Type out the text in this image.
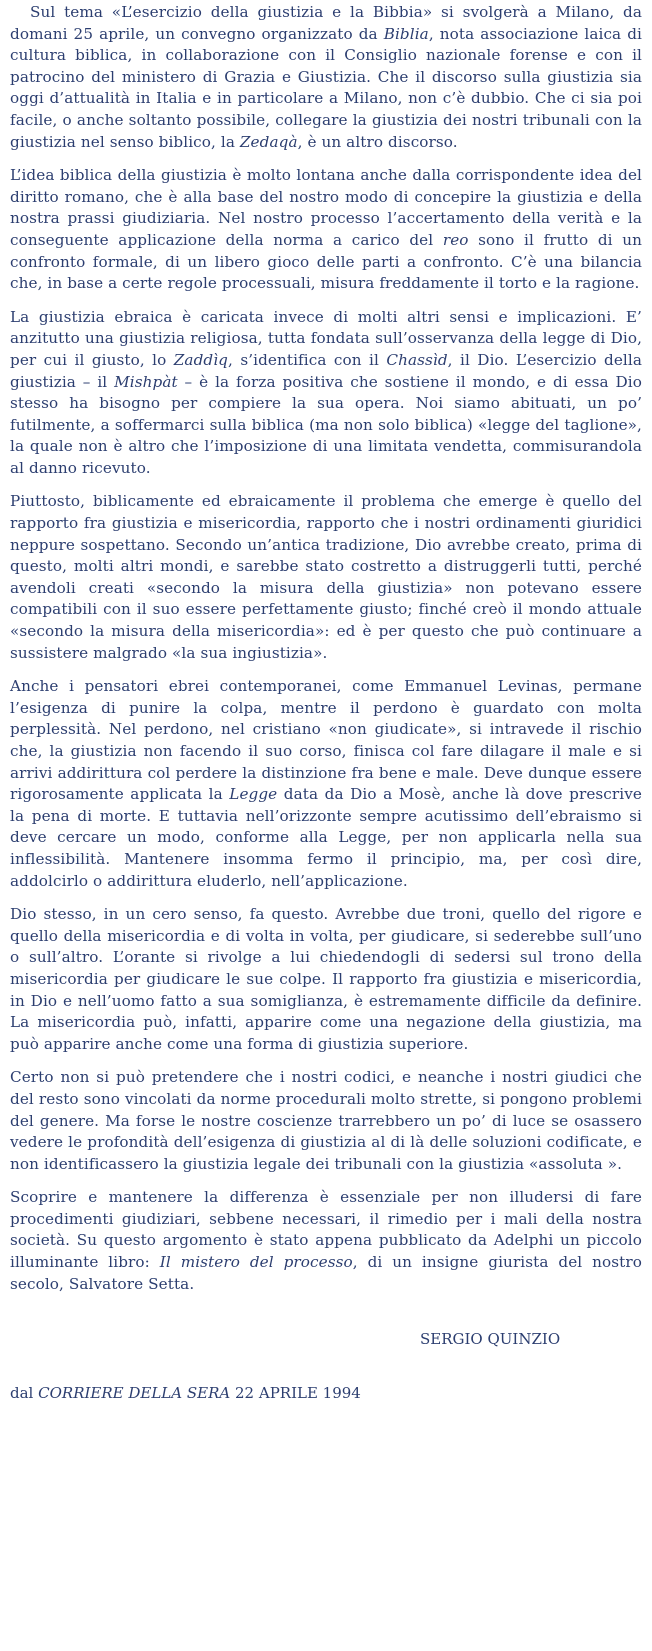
Sul tema «L’esercizio della giustizia e la Bibbia» si svolgerà a Milano, da domani 25 aprile, un convegno organizzato da Biblia, nota associazione laica di cultura biblica, in collaborazione con il Consiglio nazionale forense e con il patrocino del ministero di Grazia e Giustizia. Che il discorso sulla giustizia sia oggi d’attualità in Italia e in particolare a Milano, non c’è dubbio. Che ci sia poi facile, o anche soltanto possibile, collegare la giustizia dei nostri tribunali con la giustizia nel senso biblico, la Zedaqà, è un altro discorso.

L’idea biblica della giustizia è molto lontana anche dalla corrispondente idea del diritto romano, che è alla base del nostro modo di concepire la giustizia e della nostra prassi giudiziaria. Nel nostro processo l’accertamento della verità e la conseguente applicazione della norma a carico del reo sono il frutto di un confronto formale, di un libero gioco delle parti a confronto. C’è una bilancia che, in base a certe regole processuali, misura freddamente il torto e la ragione.

La giustizia ebraica è caricata invece di molti altri sensi e implicazioni. E’ anzitutto una giustizia religiosa, tutta fondata sull’osservanza della legge di Dio, per cui il giusto, lo Zaddìq, s’identifica con il Chassìd, il Dio. L’esercizio della giustizia – il Mishpàt – è la forza positiva che sostiene il mondo, e di essa Dio stesso ha bisogno per compiere la sua opera. Noi siamo abituati, un po’ futilmente, a soffermarci sulla biblica (ma non solo biblica) «legge del taglione», la quale non è altro che l’imposizione di una limitata vendetta, commisurandola al danno ricevuto.

Piuttosto, biblicamente ed ebraicamente il problema che emerge è quello del rapporto fra giustizia e misericordia, rapporto che i nostri ordinamenti giuridici neppure sospettano. Secondo un’antica tradizione, Dio avrebbe creato, prima di questo, molti altri mondi, e sarebbe stato costretto a distruggerli tutti, perché avendoli creati «secondo la misura della giustizia» non potevano essere compatibili con il suo essere perfettamente giusto; finché creò il mondo attuale «secondo la misura della misericordia»: ed è per questo che può continuare a sussistere malgrado «la sua ingiustizia».

Anche i pensatori ebrei contemporanei, come Emmanuel Levinas, permane l’esigenza di punire la colpa, mentre il perdono è guardato con molta perplessità. Nel perdono, nel cristiano «non giudicate», si intravede il rischio che, la giustizia non facendo il suo corso, finisca col fare dilagare il male e si arrivi addirittura col perdere la distinzione fra bene e male. Deve dunque essere rigorosamente applicata la Legge data da Dio a Mosè, anche là dove prescrive la pena di morte. E tuttavia nell’orizzonte sempre acutissimo dell’ebraismo si deve cercare un modo, conforme alla Legge, per non applicarla nella sua inflessibilità. Mantenere insomma fermo il principio, ma, per così dire, addolcirlo o addirittura eluderlo, nell’applicazione.

Dio stesso, in un cero senso, fa questo. Avrebbe due troni, quello del rigore e quello della misericordia e di volta in volta, per giudicare, si sederebbe sull’uno o sull’altro. L’orante si rivolge a lui chiedendogli di sedersi sul trono della misericordia per giudicare le sue colpe. Il rapporto fra giustizia e misericordia, in Dio e nell’uomo fatto a sua somiglianza, è estremamente difficile da definire. La misericordia può, infatti, apparire come una negazione della giustizia, ma può apparire anche come una forma di giustizia superiore.

Certo non si può pretendere che i nostri codici, e neanche i nostri giudici che del resto sono vincolati da norme procedurali molto strette, si pongono problemi del genere. Ma forse le nostre coscienze trarrebbero un po’ di luce se osassero vedere le profondità dell’esigenza di giustizia al di là delle soluzioni codificate, e non identificassero la giustizia legale dei tribunali con la giustizia «assoluta ».

Scoprire e mantenere la differenza è essenziale per non illudersi di fare procedimenti giudiziari, sebbene necessari, il rimedio per i mali della nostra società. Su questo argomento è stato appena pubblicato da Adelphi un piccolo illuminante libro: Il mistero del processo, di un insigne giurista del nostro secolo, Salvatore Setta.

SERGIO QUINZIO
dal CORRIERE DELLA SERA 22 APRILE 1994
